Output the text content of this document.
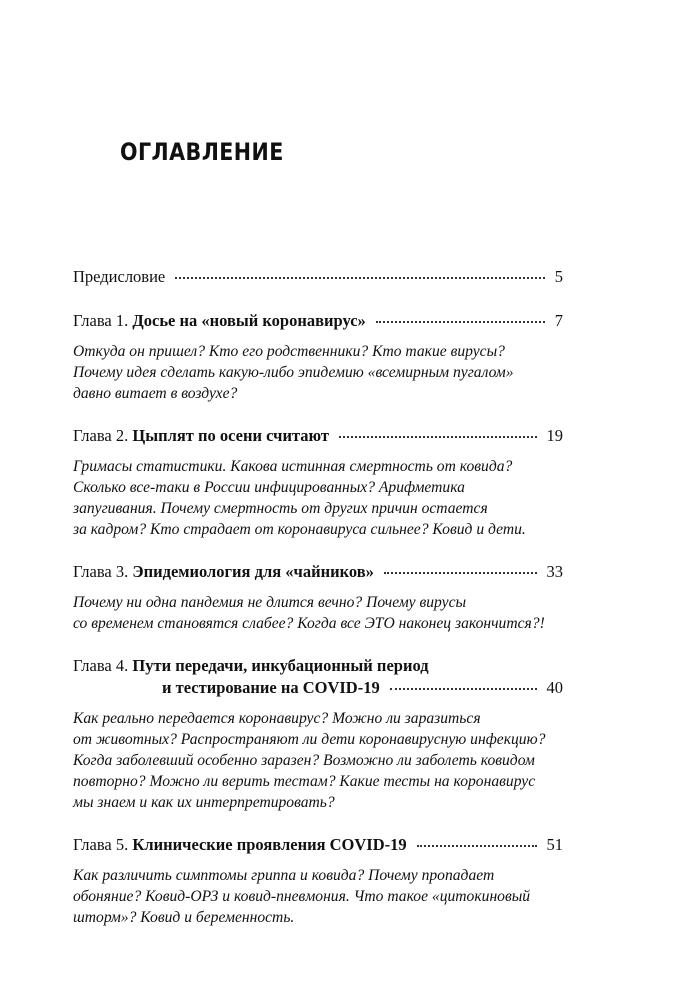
ОГЛАВЛЕНИЕ
Предисловие	5
Глава 1. Досье на «новый коронавирус»	7
Откуда он пришел? Кто его родственники? Кто такие вирусы?
Почему идея сделать какую-либо эпидемию «всемирным пугалом»
давно витает в воздухе?
Глава 2. Цыплят по осени считают	19
Гримасы статистики. Какова истинная смертность от ковида?
Сколько все-таки в России инфицированных? Арифметика
запугивания. Почему смертность от других причин остается
за кадром? Кто страдает от коронавируса сильнее? Ковид и дети.
Глава 3. Эпидемиология для «чайников»	33
Почему ни одна пандемия не длится вечно? Почему вирусы
со временем становятся слабее? Когда все ЭТО наконец закончится?!
Глава 4. Пути передачи, инкубационный период
и тестирование на COVID-19	40
Как реально передается коронавирус? Можно ли заразиться
от животных? Распространяют ли дети коронавирусную инфекцию?
Когда заболевший особенно заразен? Возможно ли заболеть ковидом
повторно? Можно ли верить тестам? Какие тесты на коронавирус
мы знаем и как их интерпретировать?
Глава 5. Клинические проявления COVID-19	51
Как различить симптомы гриппа и ковида? Почему пропадает
обоняние? Ковид-ОРЗ и ковид-пневмония. Что такое «цитокиновый
шторм»? Ковид и беременность.
